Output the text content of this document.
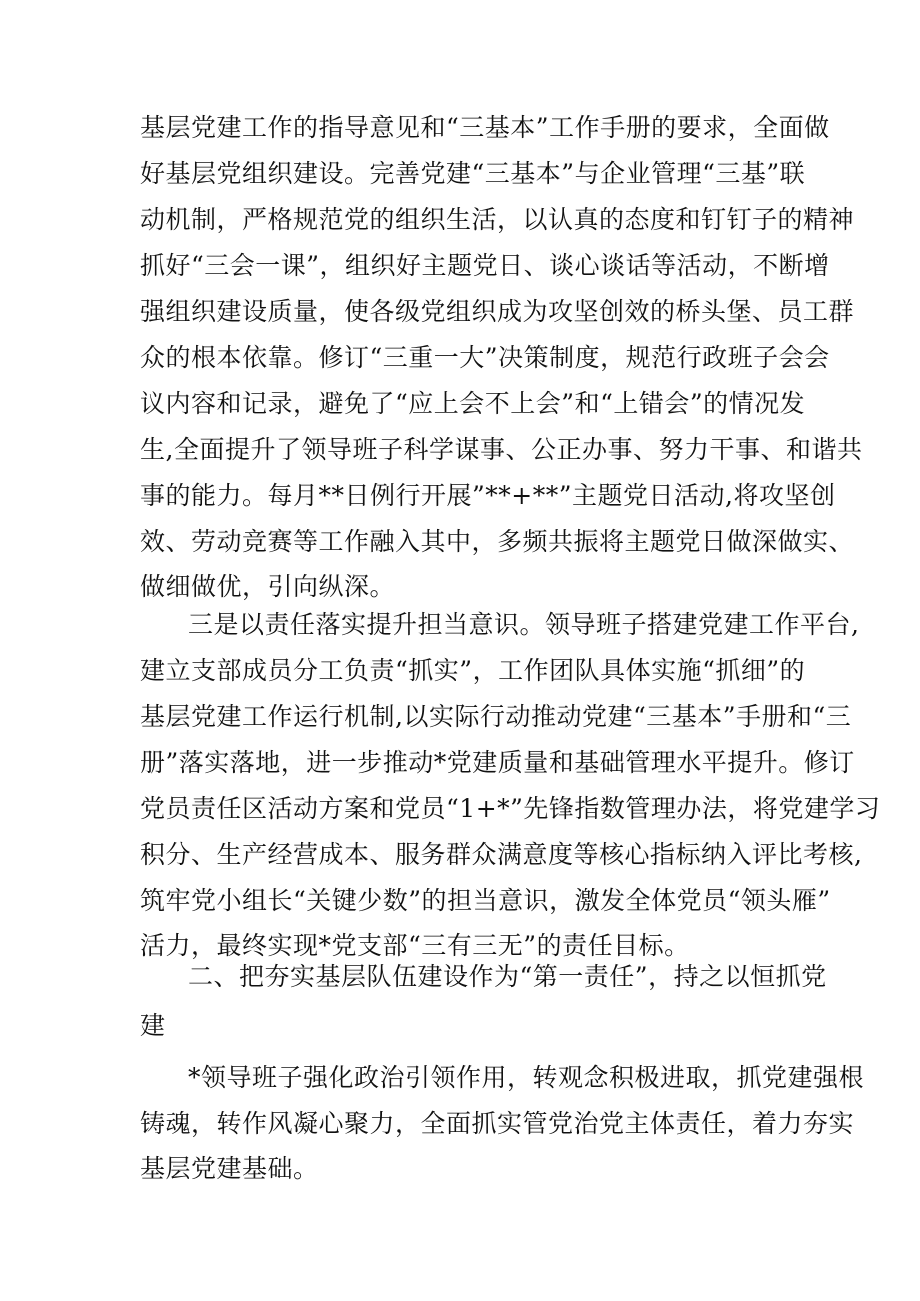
基层党建工作的指导意见和“三基本”工作手册的要求，全面做
好基层党组织建设。完善党建“三基本”与企业管理“三基”联
动机制，严格规范党的组织生活，以认真的态度和钉钉子的精神
抓好“三会一课”，组织好主题党日、谈心谈话等活动，不断增
强组织建设质量，使各级党组织成为攻坚创效的桥头堡、员工群
众的根本依靠。修订“三重一大”决策制度，规范行政班子会会
议内容和记录，避免了“应上会不上会”和“上错会”的情况发
生,全面提升了领导班子科学谋事、公正办事、努力干事、和谐共
事的能力。每月**日例行开展”**+**”主题党日活动,将攻坚创
效、劳动竞赛等工作融入其中，多频共振将主题党日做深做实、
做细做优，引向纵深。
三是以责任落实提升担当意识。领导班子搭建党建工作平台,
建立支部成员分工负责“抓实”，工作团队具体实施“抓细”的
基层党建工作运行机制,以实际行动推动党建“三基本”手册和“三
册”落实落地，进一步推动*党建质量和基础管理水平提升。修订
党员责任区活动方案和党员“1+*”先锋指数管理办法，将党建学习
积分、生产经营成本、服务群众满意度等核心指标纳入评比考核,
筑牢党小组长“关键少数”的担当意识，激发全体党员“领头雁”
活力，最终实现*党支部“三有三无”的责任目标。
二、把夯实基层队伍建设作为“第一责任”，持之以恒抓党
建
*领导班子强化政治引领作用，转观念积极进取，抓党建强根
铸魂，转作风凝心聚力，全面抓实管党治党主体责任，着力夯实
基层党建基础。
